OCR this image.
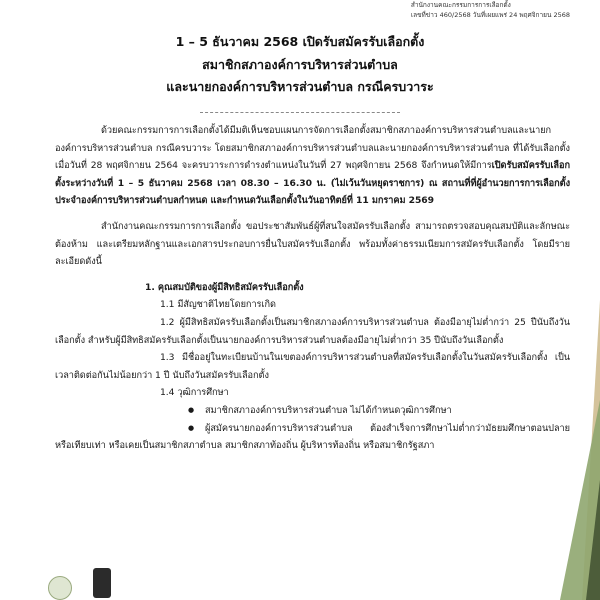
สำนักงานคณะกรรมการการเลือกตั้ง
เลขที่ข่าว 460/2568 วันที่เผยแพร่ 24 พฤศจิกายน 2568
1 – 5 ธันวาคม 2568 เปิดรับสมัครรับเลือกตั้ง
สมาชิกสภาองค์การบริหารส่วนตำบล
และนายกองค์การบริหารส่วนตำบล กรณีครบวาระ

ด้วยคณะกรรมการการเลือกตั้งได้มีมติเห็นชอบแผนการจัดการเลือกตั้งสมาชิกสภาองค์การบริหารส่วนตำบลและนายกองค์การบริหารส่วนตำบล กรณีครบวาระ โดยสมาชิกสภาองค์การบริหารส่วนตำบลและนายกองค์การบริหารส่วนตำบล ที่ได้รับเลือกตั้งเมื่อวันที่ 28 พฤศจิกายน 2564 จะครบวาระการดำรงตำแหน่งในวันที่ 27 พฤศจิกายน 2568 จึงกำหนดให้มีการเปิดรับสมัครรับเลือกตั้งระหว่างวันที่ 1 – 5 ธันวาคม 2568 เวลา 08.30 – 16.30 น. (ไม่เว้นวันหยุดราชการ) ณ สถานที่ที่ผู้อำนวยการการเลือกตั้งประจำองค์การบริหารส่วนตำบลกำหนด และกำหนดวันเลือกตั้งในวันอาทิตย์ที่ 11 มกราคม 2569

สำนักงานคณะกรรมการการเลือกตั้ง ขอประชาสัมพันธ์ผู้ที่สนใจสมัครรับเลือกตั้ง สามารถตรวจสอบคุณสมบัติและลักษณะต้องห้าม และเตรียมหลักฐานและเอกสารประกอบการยื่นใบสมัครรับเลือกตั้ง พร้อมทั้งค่าธรรมเนียมการสมัครรับเลือกตั้ง โดยมีรายละเอียดดังนี้

1. คุณสมบัติของผู้มีสิทธิสมัครรับเลือกตั้ง

1.1 มีสัญชาติไทยโดยการเกิด

1.2 ผู้มีสิทธิสมัครรับเลือกตั้งเป็นสมาชิกสภาองค์การบริหารส่วนตำบล ต้องมีอายุไม่ต่ำกว่า 25 ปีนับถึงวันเลือกตั้ง สำหรับผู้มีสิทธิสมัครรับเลือกตั้งเป็นนายกองค์การบริหารส่วนตำบลต้องมีอายุไม่ต่ำกว่า 35 ปีนับถึงวันเลือกตั้ง

1.3 มีชื่ออยู่ในทะเบียนบ้านในเขตองค์การบริหารส่วนตำบลที่สมัครรับเลือกตั้งในวันสมัครรับเลือกตั้ง เป็นเวลาติดต่อกันไม่น้อยกว่า 1 ปี นับถึงวันสมัครรับเลือกตั้ง

1.4 วุฒิการศึกษา

● สมาชิกสภาองค์การบริหารส่วนตำบล ไม่ได้กำหนดวุฒิการศึกษา

● ผู้สมัครนายกองค์การบริหารส่วนตำบล ต้องสำเร็จการศึกษาไม่ต่ำกว่ามัธยมศึกษาตอนปลายหรือเทียบเท่า หรือเคยเป็นสมาชิกสภาตำบล สมาชิกสภาท้องถิ่น ผู้บริหารท้องถิ่น หรือสมาชิกรัฐสภา
